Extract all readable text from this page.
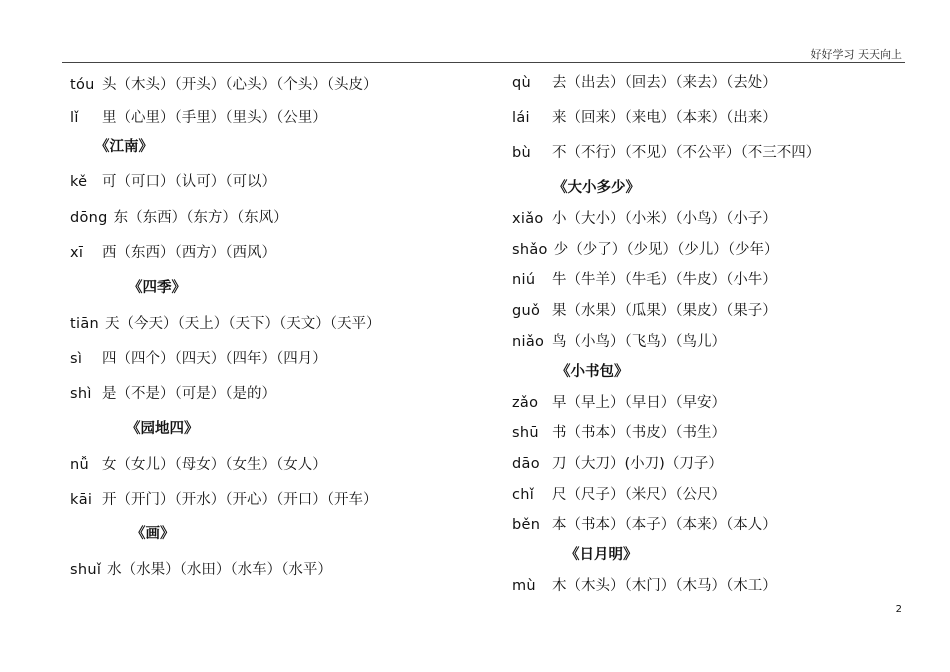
好好学习 天天向上
tóu 头（木头）（开头）（心头）（个头）（头皮）
lǐ 里（心里）（手里）（里头）（公里）
《江南》
kě 可（可口）（认可）（可以）
dōng 东（东西）（东方）（东风）
xī 西（东西）（西方）（西风）
《四季》
tiān 天（今天）（天上）（天下）（天文）（天平）
sì 四（四个）（四天）（四年）（四月）
shì 是（不是）（可是）（是的）
《园地四》
nǚ 女（女儿）（母女）（女生）（女人）
kāi 开（开门）（开水）（开心）（开口）（开车）
《画》
shuǐ 水（水果）（水田）（水车）（水平）
qù 去（出去）（回去）（来去）（去处）
lái 来（回来）（来电）（本来）（出来）
bù 不（不行）（不见）（不公平）（不三不四）
《大小多少》
xiǎo 小（大小）（小米）（小鸟）（小子）
shǎo 少（少了）（少见）（少儿）（少年）
niú 牛（牛羊）（牛毛）（牛皮）（小牛）
guǒ 果（水果）（瓜果）（果皮）（果子）
niǎo 鸟（小鸟）（飞鸟）（鸟儿）
《小书包》
zǎo 早（早上）（早日）（早安）
shū 书（书本）（书皮）（书生）
dāo 刀（大刀）(小刀)（刀子）
chǐ 尺（尺子）（米尺）（公尺）
běn 本（书本）（本子）（本来）（本人）
《日月明》
mù 木（木头）（木门）（木马）（木工）
2
